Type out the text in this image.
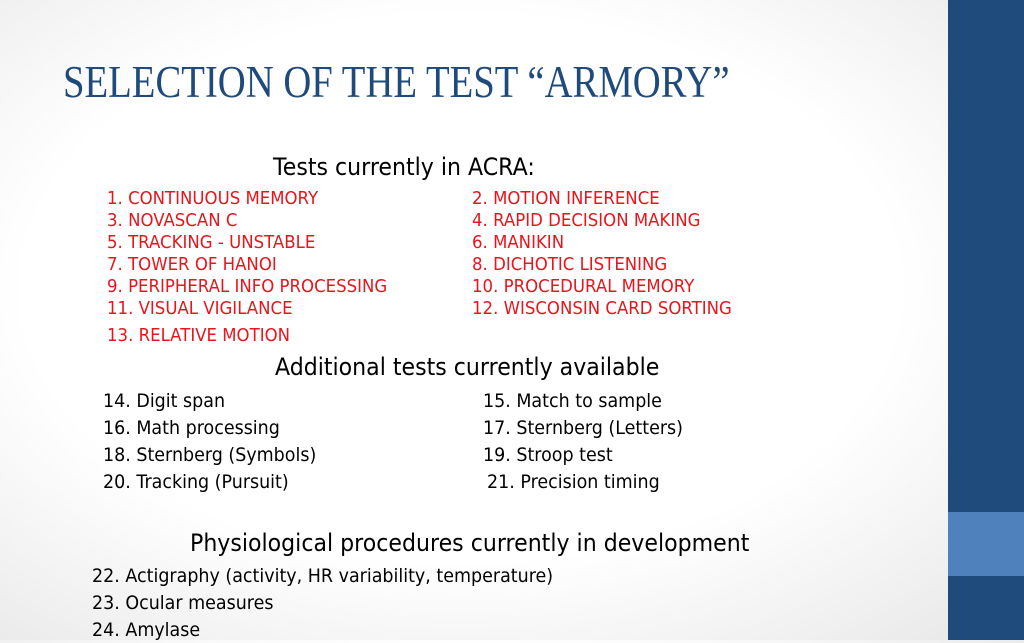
SELECTION OF THE TEST “ARMORY”
Tests currently in ACRA:
1. CONTINUOUS MEMORY	2. MOTION INFERENCE
3. NOVASCAN C	4. RAPID DECISION MAKING
5. TRACKING - UNSTABLE	6. MANIKIN
7. TOWER OF HANOI	8. DICHOTIC LISTENING
9. PERIPHERAL INFO PROCESSING	10. PROCEDURAL MEMORY
11. VISUAL VIGILANCE	12. WISCONSIN CARD SORTING
13. RELATIVE MOTION
Additional tests currently available
14. Digit span	15. Match to sample
16. Math processing	17. Sternberg (Letters)
18. Sternberg (Symbols)	19. Stroop test
20. Tracking (Pursuit)	21. Precision timing
Physiological procedures currently in development
22. Actigraphy (activity, HR variability, temperature)
23. Ocular measures
24. Amylase
